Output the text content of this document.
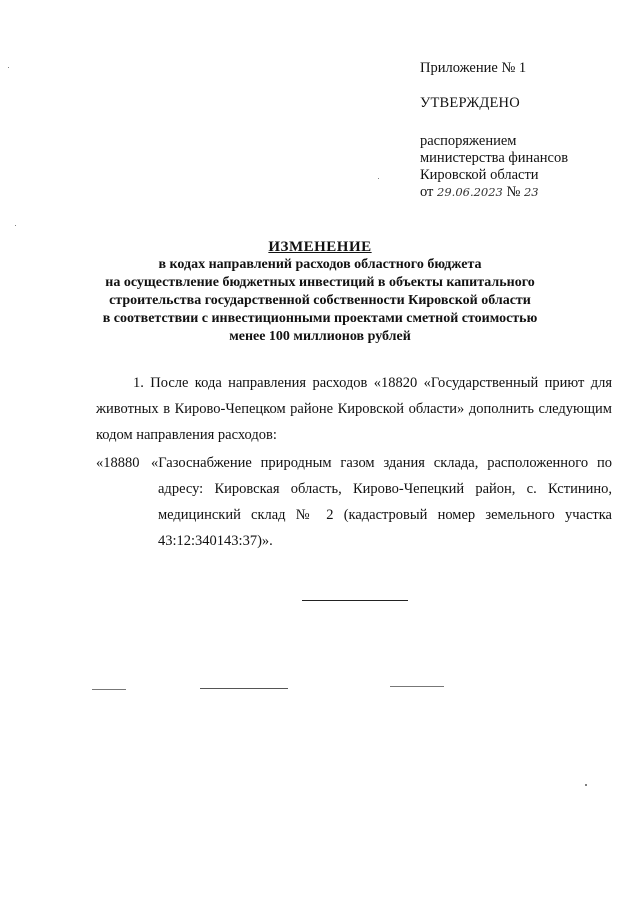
Приложение № 1

УТВЕРЖДЕНО

распоряжением

министерства финансов

Кировской области

от 29.06.2023 № 23

ИЗМЕНЕНИЕ
в кодах направлений расходов областного бюджета
на осуществление бюджетных инвестиций в объекты капитального
строительства государственной собственности Кировской области
в соответствии с инвестиционными проектами сметной стоимостью
менее 100 миллионов рублей

1. После кода направления расходов «18820 «Государственный приют для животных в Кирово-Чепецком районе Кировской области» дополнить следующим кодом направления расходов:

«18880 «Газоснабжение природным газом здания склада, расположенного по адресу: Кировская область, Кирово-Чепецкий район, с. Кстинино, медицинский склад № 2 (кадастровый номер земельного участка 43:12:340143:37)».
